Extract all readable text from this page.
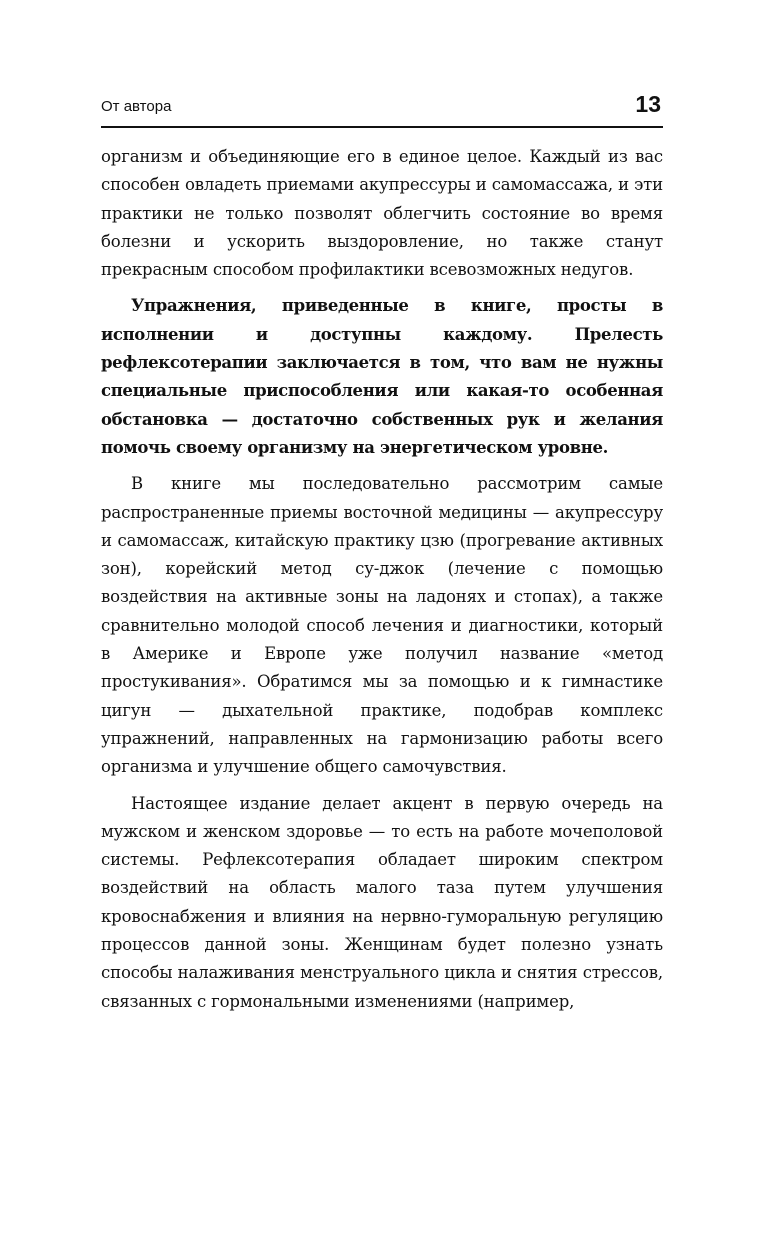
От автора	13

организм и объединяющие его в единое целое. Каждый из вас способен овладеть приемами акупрессуры и самомассажа, и эти практики не только позволят облегчить состояние во время болезни и ускорить выздоровление, но также станут прекрасным способом профилактики всевозможных недугов.

Упражнения, приведенные в книге, просты в исполнении и доступны каждому. Прелесть рефлексотерапии заключается в том, что вам не нужны специальные приспособления или какая-то особенная обстановка — достаточно собственных рук и желания помочь своему организму на энергетическом уровне.

В книге мы последовательно рассмотрим самые распространенные приемы восточной медицины — акупрессуру и самомассаж, китайскую практику цзю (прогревание активных зон), корейский метод су-джок (лечение с помощью воздействия на активные зоны на ладонях и стопах), а также сравнительно молодой способ лечения и диагностики, который в Америке и Европе уже получил название «метод простукивания». Обратимся мы за помощью и к гимнастике цигун — дыхательной практике, подобрав комплекс упражнений, направленных на гармонизацию работы всего организма и улучшение общего самочувствия.

Настоящее издание делает акцент в первую очередь на мужском и женском здоровье — то есть на работе мочеполовой системы. Рефлексотерапия обладает широким спектром воздействий на область малого таза путем улучшения кровоснабжения и влияния на нервно-гуморальную регуляцию процессов данной зоны. Женщинам будет полезно узнать способы налаживания менструального цикла и снятия стрессов, связанных с гормональными изменениями (например,
